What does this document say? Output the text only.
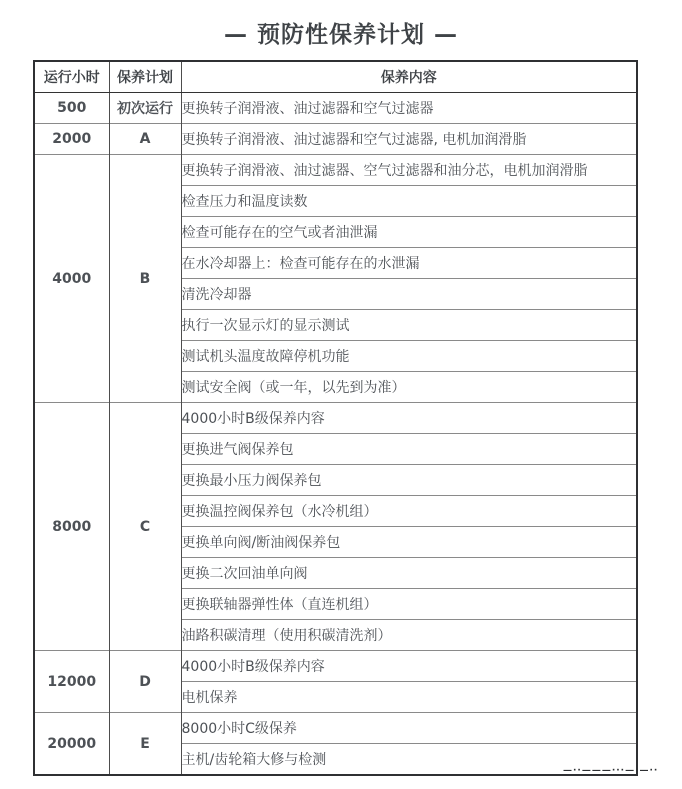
— 预防性保养计划 —
运行小时	保养计划	保养内容
500	初次运行	更换转子润滑液、油过滤器和空气过滤器
2000	A	更换转子润滑液、油过滤器和空气过滤器, 电机加润滑脂
4000	B	更换转子润滑液、油过滤器、空气过滤器和油分芯，电机加润滑脂
		检查压力和温度读数
		检查可能存在的空气或者油泄漏
		在水冷却器上：检查可能存在的水泄漏
		清洗冷却器
		执行一次显示灯的显示测试
		测试机头温度故障停机功能
		测试安全阀（或一年，以先到为准）
8000	C	4000小时B级保养内容
		更换进气阀保养包
		更换最小压力阀保养包
		更换温控阀保养包（水冷机组）
		更换单向阀/断油阀保养包
		更换二次回油单向阀
		更换联轴器弹性体（直连机组）
		油路积碳清理（使用积碳清洗剂）
12000	D	4000小时B级保养内容
		电机保养
20000	E	8000小时C级保养
		主机/齿轮箱大修与检测
—··———···—·—··
